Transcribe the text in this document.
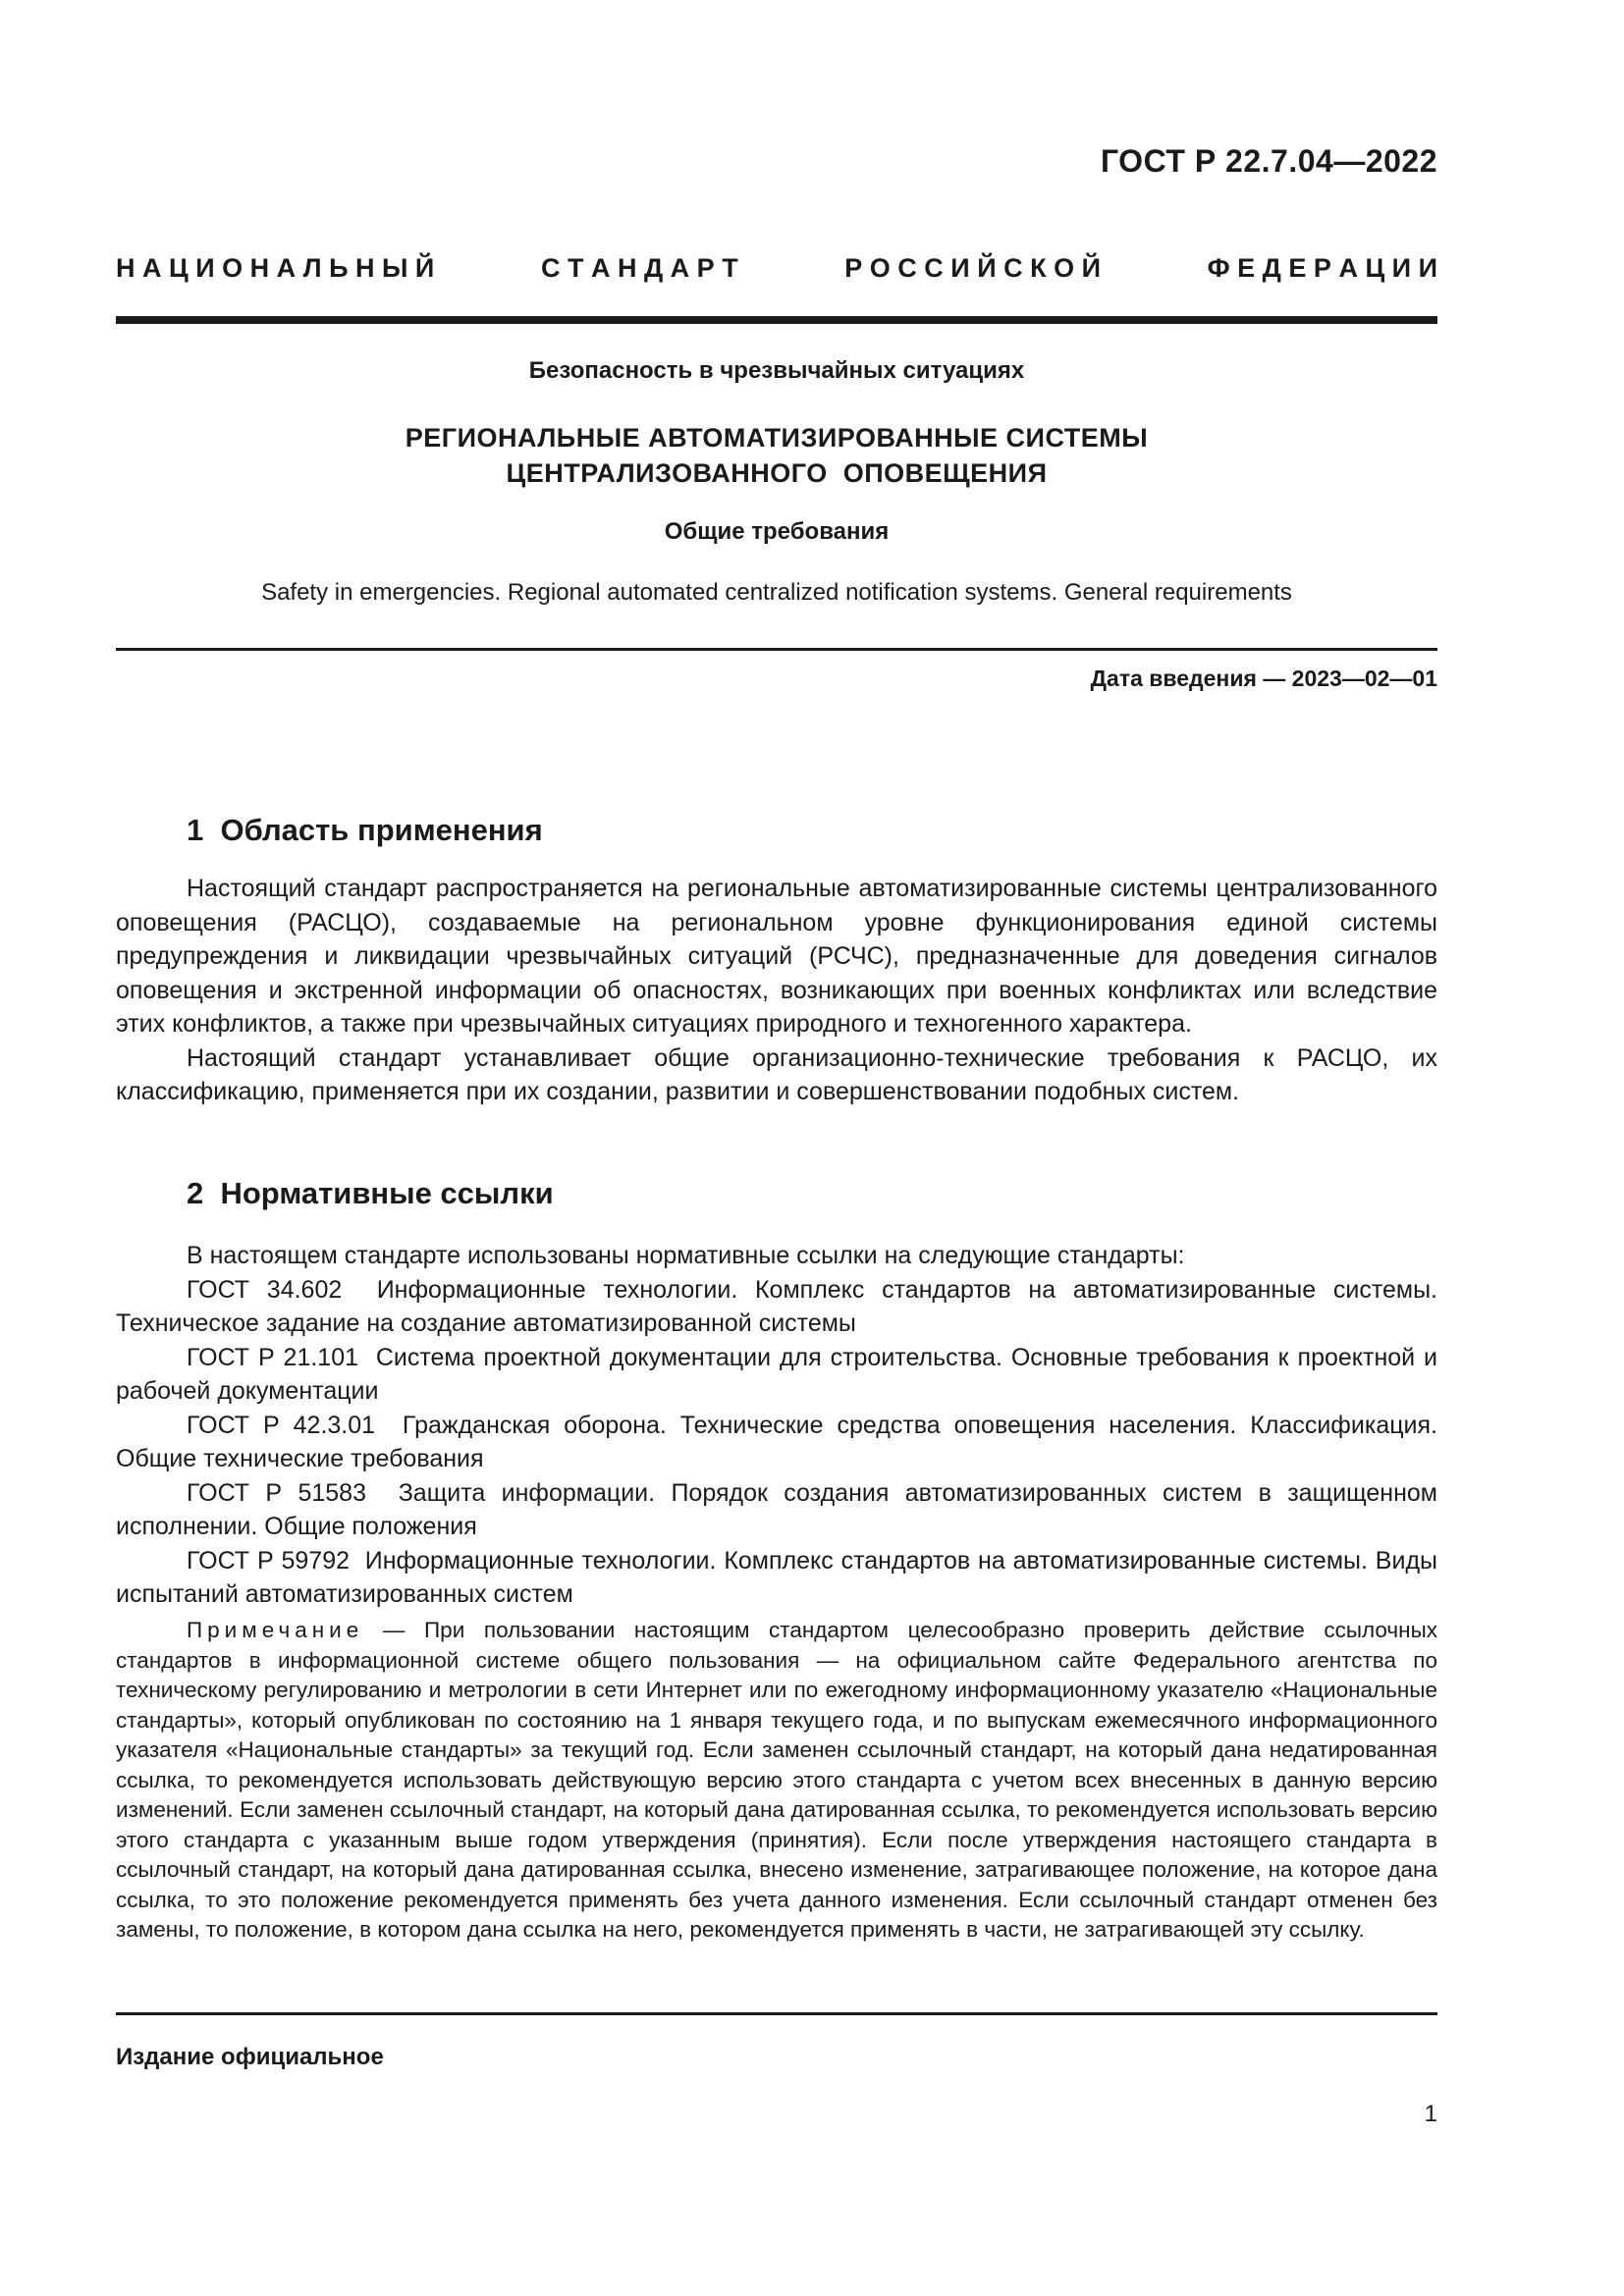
ГОСТ Р 22.7.04—2022
Н А Ц И О Н А Л Ь Н Ы Й	С Т А Н Д А Р Т	Р О С С И Й С К О Й	Ф Е Д Е Р А Ц И И
Безопасность в чрезвычайных ситуациях
РЕГИОНАЛЬНЫЕ АВТОМАТИЗИРОВАННЫЕ СИСТЕМЫ
ЦЕНТРАЛИЗОВАННОГО  ОПОВЕЩЕНИЯ
Общие требования
Safety in emergencies. Regional automated centralized notification systems. General requirements
Дата введения — 2023—02—01
1  Область применения

Настоящий стандарт распространяется на региональные автоматизированные системы централизованного оповещения (РАСЦО), создаваемые на региональном уровне функционирования единой системы предупреждения и ликвидации чрезвычайных ситуаций (РСЧС), предназначенные для доведения сигналов оповещения и экстренной информации об опасностях, возникающих при военных конфликтах или вследствие этих конфликтов, а также при чрезвычайных ситуациях природного и техногенного характера.

Настоящий стандарт устанавливает общие организационно-технические требования к РАСЦО, их классификацию, применяется при их создании, развитии и совершенствовании подобных систем.

2  Нормативные ссылки

В настоящем стандарте использованы нормативные ссылки на следующие стандарты:

ГОСТ 34.602  Информационные технологии. Комплекс стандартов на автоматизированные системы. Техническое задание на создание автоматизированной системы

ГОСТ Р 21.101  Система проектной документации для строительства. Основные требования к проектной и рабочей документации

ГОСТ Р 42.3.01  Гражданская оборона. Технические средства оповещения населения. Классификация. Общие технические требования

ГОСТ Р 51583  Защита информации. Порядок создания автоматизированных систем в защищенном исполнении. Общие положения

ГОСТ Р 59792  Информационные технологии. Комплекс стандартов на автоматизированные системы. Виды испытаний автоматизированных систем

Примечание — При пользовании настоящим стандартом целесообразно проверить действие ссылочных стандартов в информационной системе общего пользования — на официальном сайте Федерального агентства по техническому регулированию и метрологии в сети Интернет или по ежегодному информационному указателю «Национальные стандарты», который опубликован по состоянию на 1 января текущего года, и по выпускам ежемесячного информационного указателя «Национальные стандарты» за текущий год. Если заменен ссылочный стандарт, на который дана недатированная ссылка, то рекомендуется использовать действующую версию этого стандарта с учетом всех внесенных в данную версию изменений. Если заменен ссылочный стандарт, на который дана датированная ссылка, то рекомендуется использовать версию этого стандарта с указанным выше годом утверждения (принятия). Если после утверждения настоящего стандарта в ссылочный стандарт, на который дана датированная ссылка, внесено изменение, затрагивающее положение, на которое дана ссылка, то это положение рекомендуется применять без учета данного изменения. Если ссылочный стандарт отменен без замены, то положение, в котором дана ссылка на него, рекомендуется применять в части, не затрагивающей эту ссылку.

Издание официальное
1
